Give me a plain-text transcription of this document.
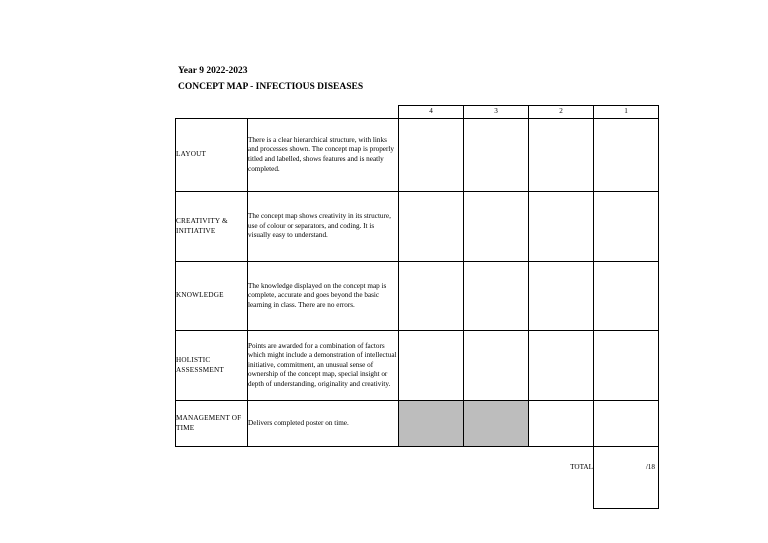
Year 9 2022-2023
CONCEPT MAP - INFECTIOUS DISEASES
		4	3	2	1
LAYOUT	There is a clear hierarchical structure, with links and processes shown. The concept map is properly titled and labelled, shows features and is neatly completed.				
CREATIVITY & INITIATIVE	The concept map shows creativity in its structure, use of colour or separators, and coding. It is visually easy to understand.				
KNOWLEDGE	The knowledge displayed on the concept map is complete, accurate and goes beyond the basic learning in class. There are no errors.				
HOLISTIC ASSESSMENT	Points are awarded for a combination of factors which might include a demonstration of intellectual initiative, commitment, an unusual sense of ownership of the concept map, special insight or depth of understanding, originality and creativity.				
MANAGEMENT OF TIME	Delivers completed poster on time.				
				TOTAL	/18
